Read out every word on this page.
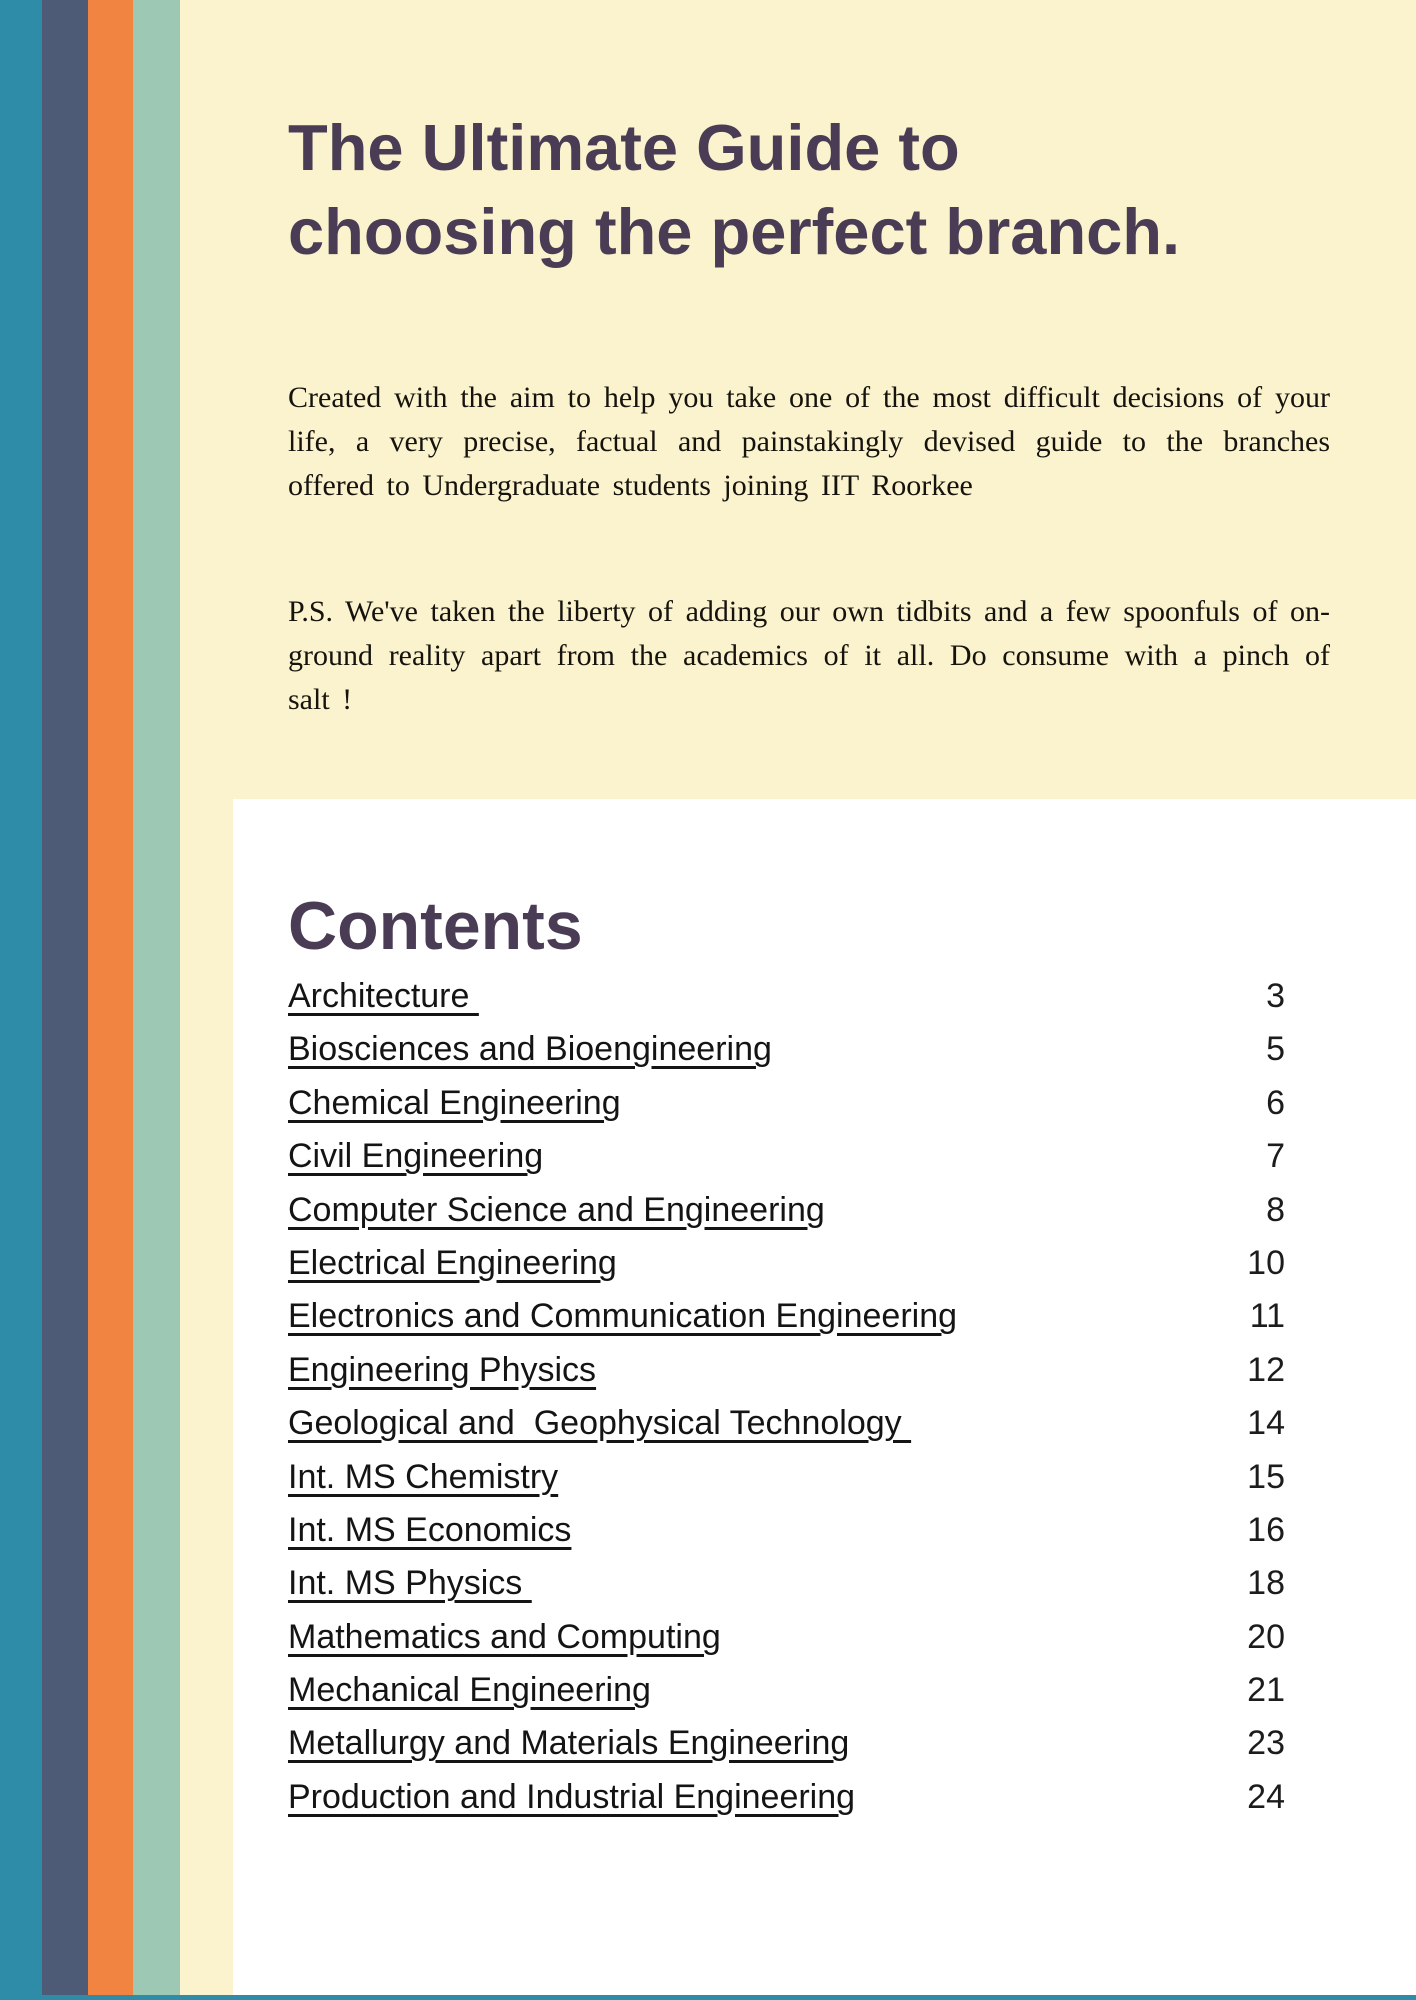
The Ultimate Guide to
choosing the perfect branch.

Created with the aim to help you take one of the most difficult decisions of your life, a very precise, factual and painstakingly devised guide to the branches offered to Undergraduate students joining IIT Roorkee

P.S. We've taken the liberty of adding our own tidbits and a few spoonfuls of on-ground reality apart from the academics of it all. Do consume with a pinch of salt !

Contents
Architecture	3
Biosciences and Bioengineering	5
Chemical Engineering	6
Civil Engineering	7
Computer Science and Engineering	8
Electrical Engineering	10
Electronics and Communication Engineering	11
Engineering Physics	12
Geological and  Geophysical Technology	14
Int. MS Chemistry	15
Int. MS Economics	16
Int. MS Physics	18
Mathematics and Computing	20
Mechanical Engineering	21
Metallurgy and Materials Engineering	23
Production and Industrial Engineering	24
